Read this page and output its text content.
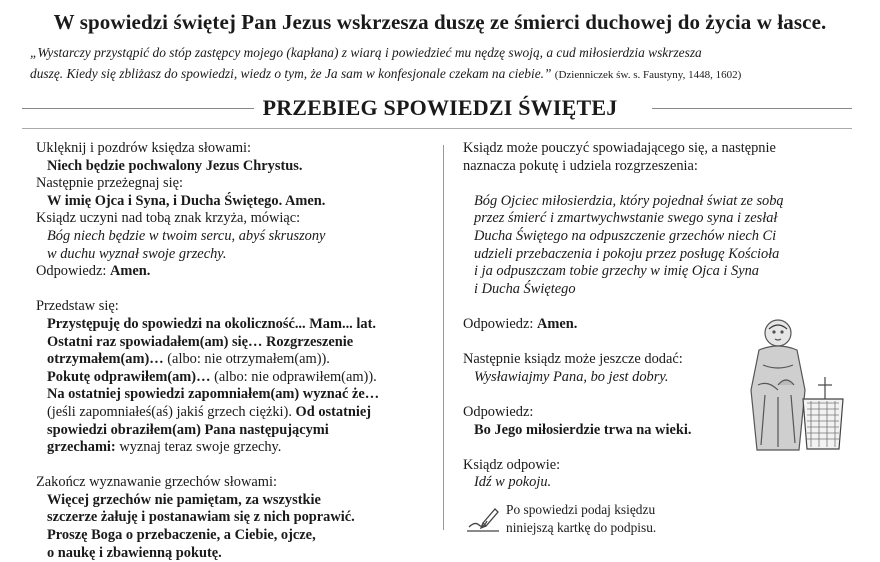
W spowiedzi świętej Pan Jezus wskrzesza duszę ze śmierci duchowej do życia w łasce.
„Wystarczy przystąpić do stóp zastępcy mojego (kapłana) z wiarą i powiedzieć mu nędzę swoją, a cud miłosierdzia wskrzesza
duszę. Kiedy się zbliżasz do spowiedzi, wiedz o tym, że Ja sam w konfesjonale czekam na ciebie.” (Dzienniczek św. s. Faustyny, 1448, 1602)
PRZEBIEG SPOWIEDZI ŚWIĘTEJ
Uklęknij i pozdrów księdza słowami:
Niech będzie pochwalony Jezus Chrystus.
Następnie przeżegnaj się:
W imię Ojca i Syna, i Ducha Świętego. Amen.
Ksiądz uczyni nad tobą znak krzyża, mówiąc:
Bóg niech będzie w twoim sercu, abyś skruszony
w duchu wyznał swoje grzechy.
Odpowiedz: Amen.
Przedstaw się:
Przystępuję do spowiedzi na okoliczność... Mam... lat.
Ostatni raz spowiadałem(am) się… Rozgrzeszenie
otrzymałem(am)… (albo: nie otrzymałem(am)).
Pokutę odprawiłem(am)… (albo: nie odprawiłem(am)).
Na ostatniej spowiedzi zapomniałem(am) wyznać że…
(jeśli zapomniałeś(aś) jakiś grzech ciężki). Od ostatniej
spowiedzi obraziłem(am) Pana następującymi
grzechami: wyznaj teraz swoje grzechy.
Zakończ wyznawanie grzechów słowami:
Więcej grzechów nie pamiętam, za wszystkie
szczerze żałuję i postanawiam się z nich poprawić.
Proszę Boga o przebaczenie, a Ciebie, ojcze,
o naukę i zbawienną pokutę.
Ksiądz może pouczyć spowiadającego się, a następnie
naznacza pokutę i udziela rozgrzeszenia:
Bóg Ojciec miłosierdzia, który pojednał świat ze sobą
przez śmierć i zmartwychwstanie swego syna i zesłał
Ducha Świętego na odpuszczenie grzechów niech Ci
udzieli przebaczenia i pokoju przez posługę Kościoła
i ja odpuszczam tobie grzechy w imię Ojca i Syna
i Ducha Świętego
Odpowiedz: Amen.
Następnie ksiądz może jeszcze dodać:
Wysławiajmy Pana, bo jest dobry.
Odpowiedz:
Bo Jego miłosierdzie trwa na wieki.
Ksiądz odpowie:
Idź w pokoju.
Po spowiedzi podaj księdzu
niniejszą kartkę do podpisu.
